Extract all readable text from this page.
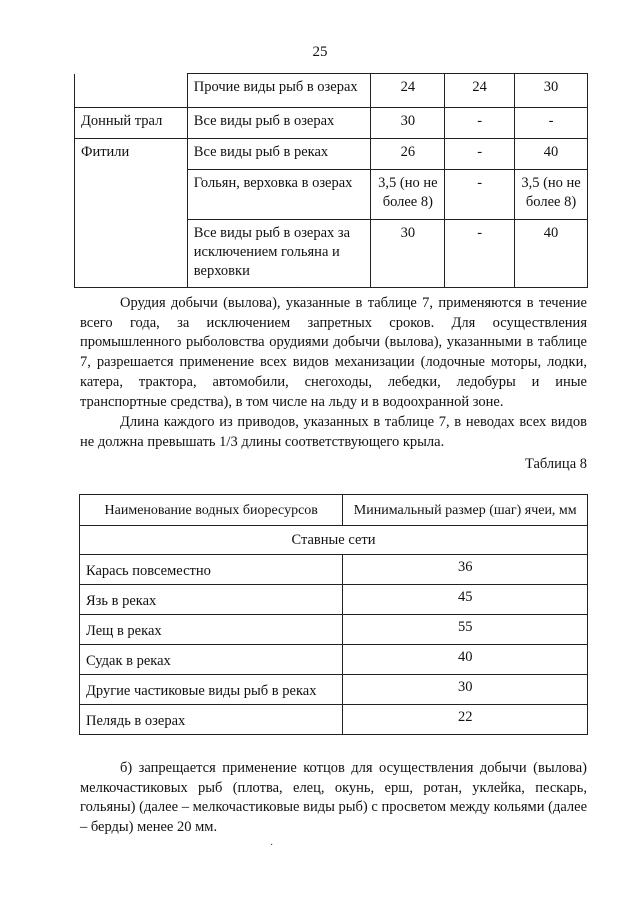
25
	Прочие виды рыб в озерах	24	24	30
Донный трал	Все виды рыб в озерах	30	-	-
Фитили	Все виды рыб в реках	26	-	40
	Гольян, верховка в озерах	3,5 (но не более 8)	-	3,5 (но не более 8)
	Все виды рыб в озерах за исключением гольяна и верховки	30	-	40

Орудия добычи (вылова), указанные в таблице 7, применяются в течение всего года, за исключением запретных сроков. Для осуществления промышленного рыболовства орудиями добычи (вылова), указанными в таблице 7, разрешается применение всех видов механизации (лодочные моторы, лодки, катера, трактора, автомобили, снегоходы, лебедки, ледобуры и иные транспортные средства), в том числе на льду и в водоохранной зоне.

Длина каждого из приводов, указанных в таблице 7, в неводах всех видов не должна превышать 1/3 длины соответствующего крыла.

Таблица 8
Наименование водных биоресурсов	Минимальный размер (шаг) ячеи, мм
Ставные сети	
Карась повсеместно	36
Язь в реках	45
Лещ в реках	55
Судак в реках	40
Другие частиковые виды рыб в реках	30
Пелядь в озерах	22

б) запрещается применение котцов для осуществления добычи (вылова) мелкочастиковых рыб (плотва, елец, окунь, ерш, ротан, уклейка, пескарь, гольяны) (далее – мелкочастиковые виды рыб) с просветом между кольями (далее – берды) менее 20 мм.

·
·
